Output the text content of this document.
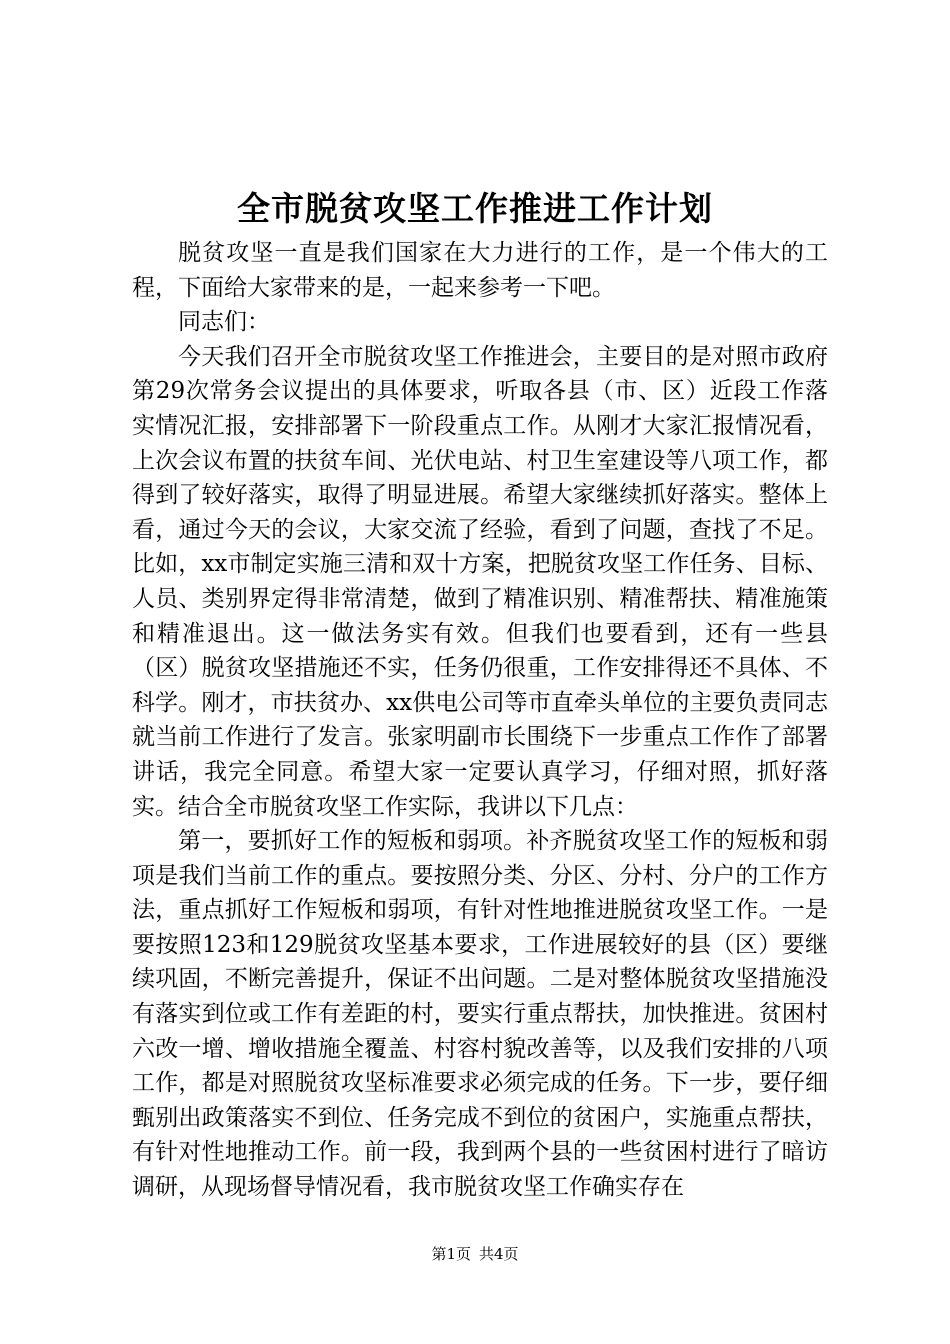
全市脱贫攻坚工作推进工作计划

脱贫攻坚一直是我们国家在大力进行的工作，是一个伟大的工程，下面给大家带来的是，一起来参考一下吧。

同志们：

今天我们召开全市脱贫攻坚工作推进会，主要目的是对照市政府第29次常务会议提出的具体要求，听取各县（市、区）近段工作落实情况汇报，安排部署下一阶段重点工作。从刚才大家汇报情况看，上次会议布置的扶贫车间、光伏电站、村卫生室建设等八项工作，都得到了较好落实，取得了明显进展。希望大家继续抓好落实。整体上看，通过今天的会议，大家交流了经验，看到了问题，查找了不足。比如，xx市制定实施三清和双十方案，把脱贫攻坚工作任务、目标、人员、类别界定得非常清楚，做到了精准识别、精准帮扶、精准施策和精准退出。这一做法务实有效。但我们也要看到，还有一些县（区）脱贫攻坚措施还不实，任务仍很重，工作安排得还不具体、不科学。刚才，市扶贫办、xx供电公司等市直牵头单位的主要负责同志就当前工作进行了发言。张家明副市长围绕下一步重点工作作了部署讲话，我完全同意。希望大家一定要认真学习，仔细对照，抓好落实。结合全市脱贫攻坚工作实际，我讲以下几点：

第一，要抓好工作的短板和弱项。补齐脱贫攻坚工作的短板和弱项是我们当前工作的重点。要按照分类、分区、分村、分户的工作方法，重点抓好工作短板和弱项，有针对性地推进脱贫攻坚工作。一是要按照123和129脱贫攻坚基本要求，工作进展较好的县（区）要继续巩固，不断完善提升，保证不出问题。二是对整体脱贫攻坚措施没有落实到位或工作有差距的村，要实行重点帮扶，加快推进。贫困村六改一增、增收措施全覆盖、村容村貌改善等，以及我们安排的八项工作，都是对照脱贫攻坚标准要求必须完成的任务。下一步，要仔细甄别出政策落实不到位、任务完成不到位的贫困户，实施重点帮扶，有针对性地推动工作。前一段，我到两个县的一些贫困村进行了暗访调研，从现场督导情况看，我市脱贫攻坚工作确实存在

第1页 共4页
